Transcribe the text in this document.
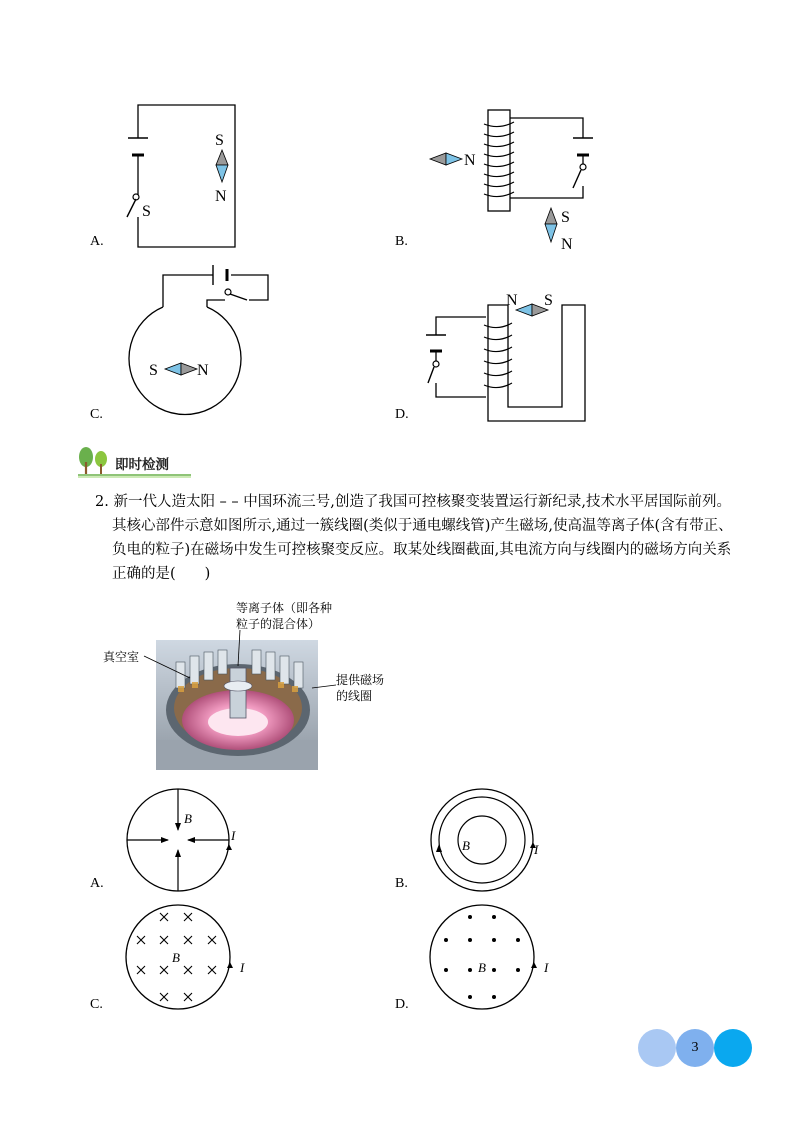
S
S
N
A.
N
S
N
B.
S N
C.
N S
D.
即时检测
2. 新一代人造太阳 – – 中国环流三号,创造了我国可控核聚变装置运行新纪录,技术水平居国际前列。
其核心部件示意如图所示,通过一簇线圈(类似于通电螺线管)产生磁场,使高温等离子体(含有带正、
负电的粒子)在磁场中发生可控核聚变反应。取某处线圈截面,其电流方向与线圈内的磁场方向关系
正确的是(　　)
等离子体（即各种
粒子的混合体）
真空室
提供磁场
的线圈
B
I
A.
B	I
B.
B
I
C.
B	I
D.
3
